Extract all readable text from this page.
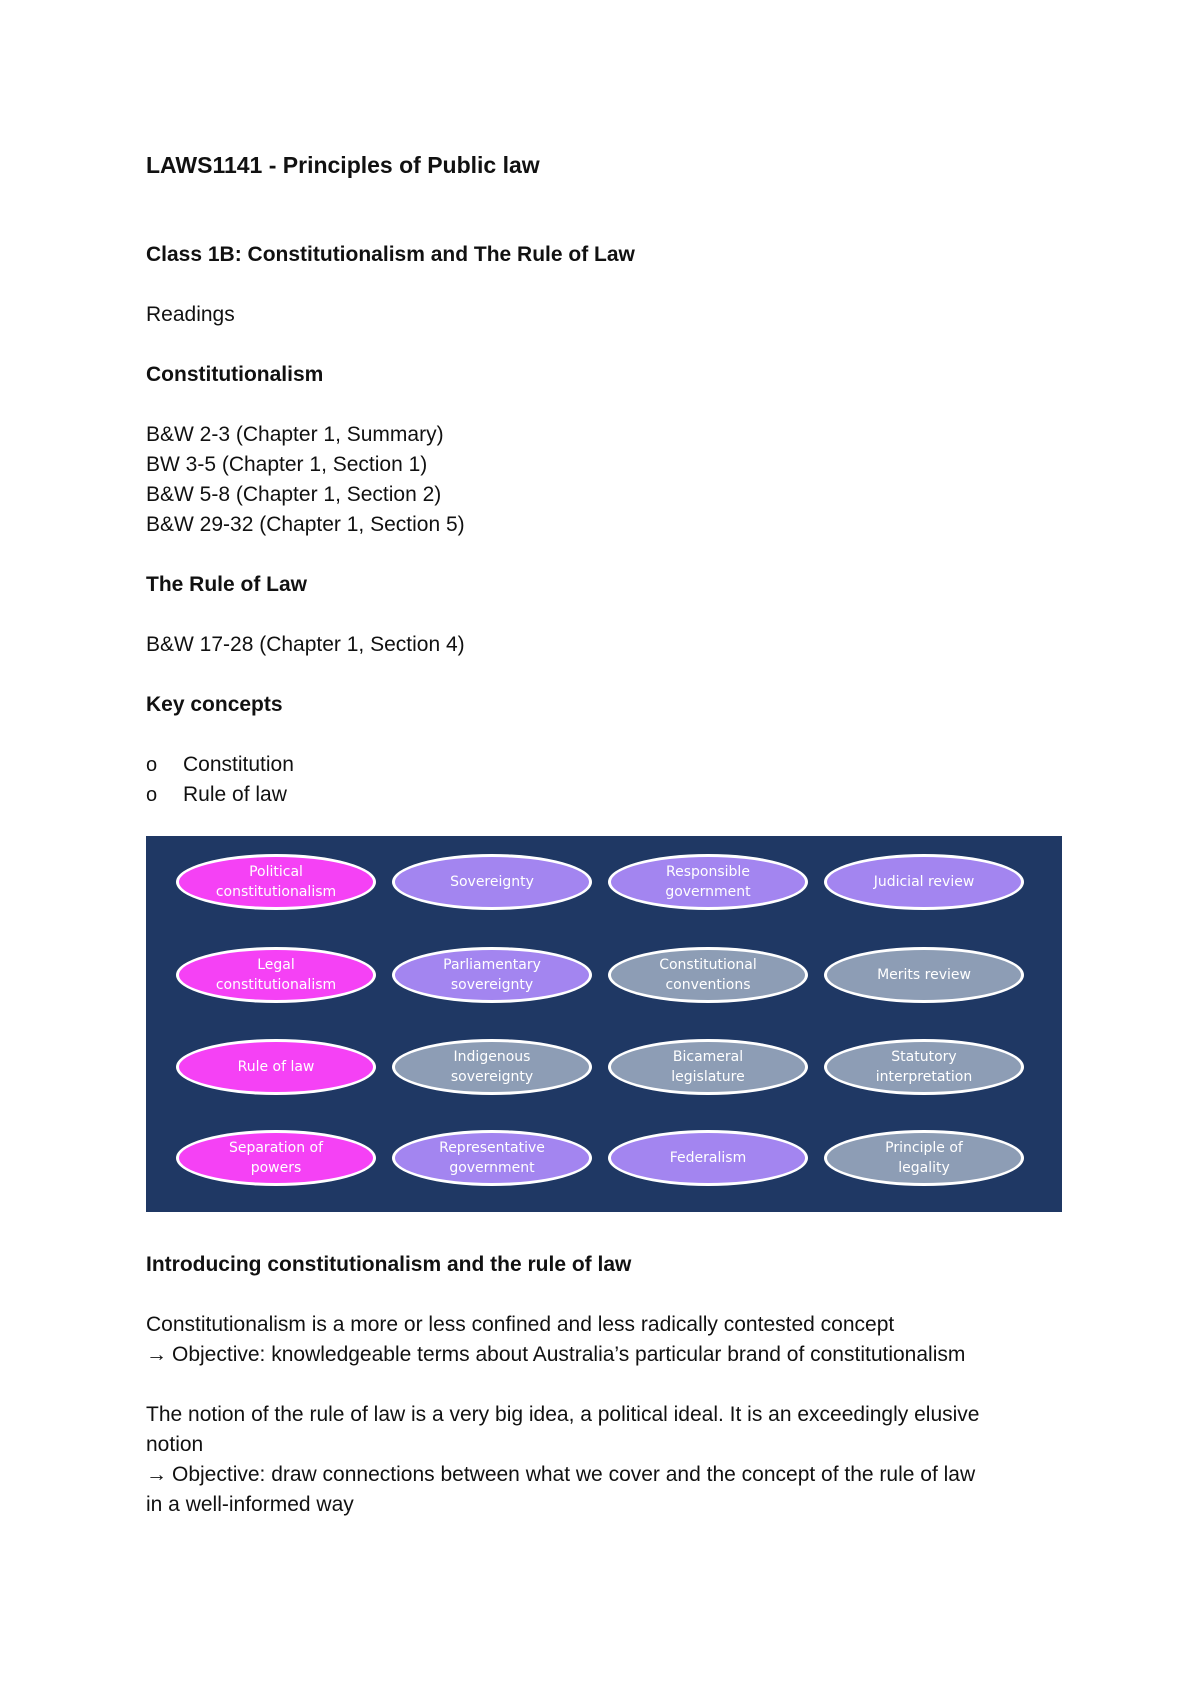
LAWS1141 - Principles of Public law
Class 1B: Constitutionalism and The Rule of Law
Readings
Constitutionalism
B&W 2-3 (Chapter 1, Summary)
BW 3-5 (Chapter 1, Section 1)
B&W 5-8 (Chapter 1, Section 2)
B&W 29-32 (Chapter 1, Section 5)
The Rule of Law
B&W 17-28 (Chapter 1, Section 4)
Key concepts
o Constitution
o Rule of law
Political
constitutionalism
Sovereignty
Responsible
government
Judicial review
Legal
constitutionalism
Parliamentary
sovereignty
Constitutional
conventions
Merits review
Rule of law
Indigenous
sovereignty
Bicameral
legislature
Statutory
interpretation
Separation of
powers
Representative
government
Federalism
Principle of
legality
Introducing constitutionalism and the rule of law
Constitutionalism is a more or less confined and less radically contested concept
→ Objective: knowledgeable terms about Australia’s particular brand of constitutionalism
The notion of the rule of law is a very big idea, a political ideal. It is an exceedingly elusive
notion
→ Objective: draw connections between what we cover and the concept of the rule of law
in a well-informed way
